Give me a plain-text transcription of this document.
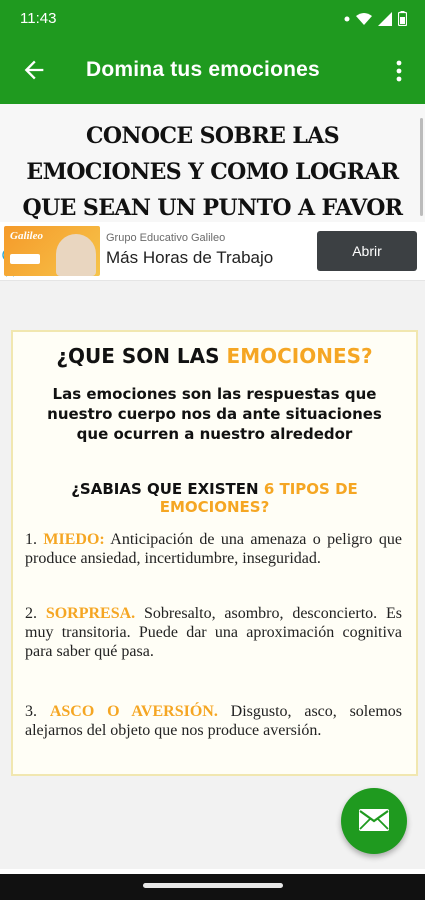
11:43
Domina tus emociones
CONOCE SOBRE LAS
EMOCIONES Y COMO LOGRAR
QUE SEAN UN PUNTO A FAVOR
Galileo	Grupo Educativo Galileo
Más Horas de Trabajo	Abrir
¿QUE SON LAS EMOCIONES?
Las emociones son las respuestas que nuestro cuerpo nos da ante situaciones que ocurren a nuestro alrededor
¿SABIAS QUE EXISTEN 6 TIPOS DE EMOCIONES?
1. MIEDO: Anticipación de una amenaza o peligro que produce ansiedad, incertidumbre, inseguridad.
2. SORPRESA. Sobresalto, asombro, desconcierto. Es muy transitoria. Puede dar una aproximación cognitiva para saber qué pasa.
3. ASCO O AVERSIÓN. Disgusto, asco, solemos alejarnos del objeto que nos produce aversión.
